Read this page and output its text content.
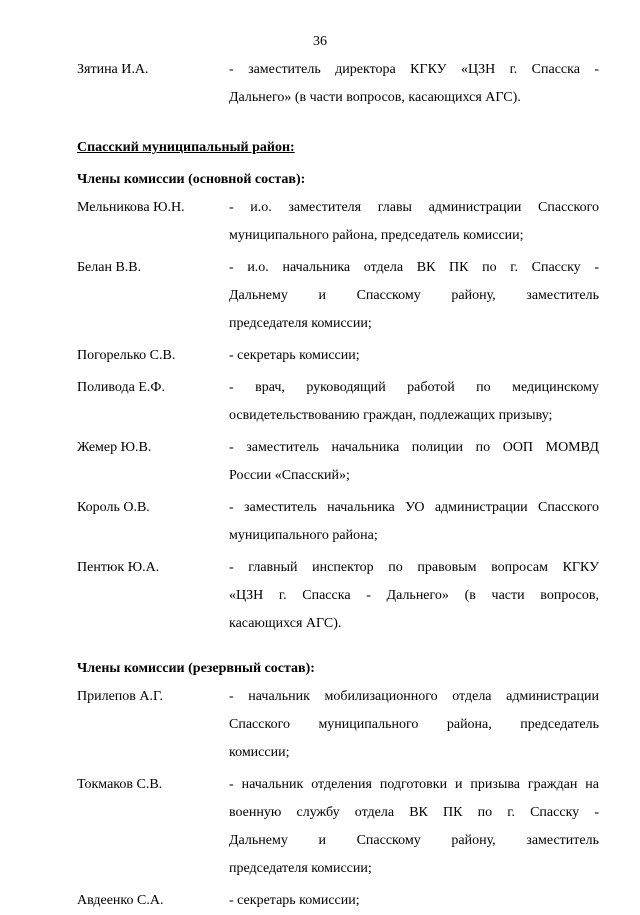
36
Зятина И.А.	- заместитель директора КГКУ «ЦЗН г. Спасска -
Дальнего» (в части вопросов, касающихся АГС).
Спасский муниципальный район:
Члены комиссии (основной состав):
Мельникова Ю.Н.	- и.о. заместителя главы администрации Спасского
муниципального района, председатель комиссии;
Белан В.В.	- и.о. начальника отдела ВК ПК по г. Спасску -
Дальнему и Спасскому району, заместитель
председателя комиссии;
Погорелько С.В.	- секретарь комиссии;
Поливода Е.Ф.	- врач, руководящий работой по медицинскому
освидетельствованию граждан, подлежащих призыву;
Жемер Ю.В.	- заместитель начальника полиции по ООП МОМВД
России «Спасский»;
Король О.В.	- заместитель начальника УО администрации Спасского
муниципального района;
Пентюк Ю.А.	- главный инспектор по правовым вопросам КГКУ
«ЦЗН г. Спасска - Дальнего» (в части вопросов,
касающихся АГС).
Члены комиссии (резервный состав):
Прилепов А.Г.	- начальник мобилизационного отдела администрации
Спасского муниципального района, председатель
комиссии;
Токмаков С.В.	- начальник отделения подготовки и призыва граждан на
военную службу отдела ВК ПК по г. Спасску -
Дальнему и Спасскому району, заместитель
председателя комиссии;
Авдеенко С.А.	- секретарь комиссии;
